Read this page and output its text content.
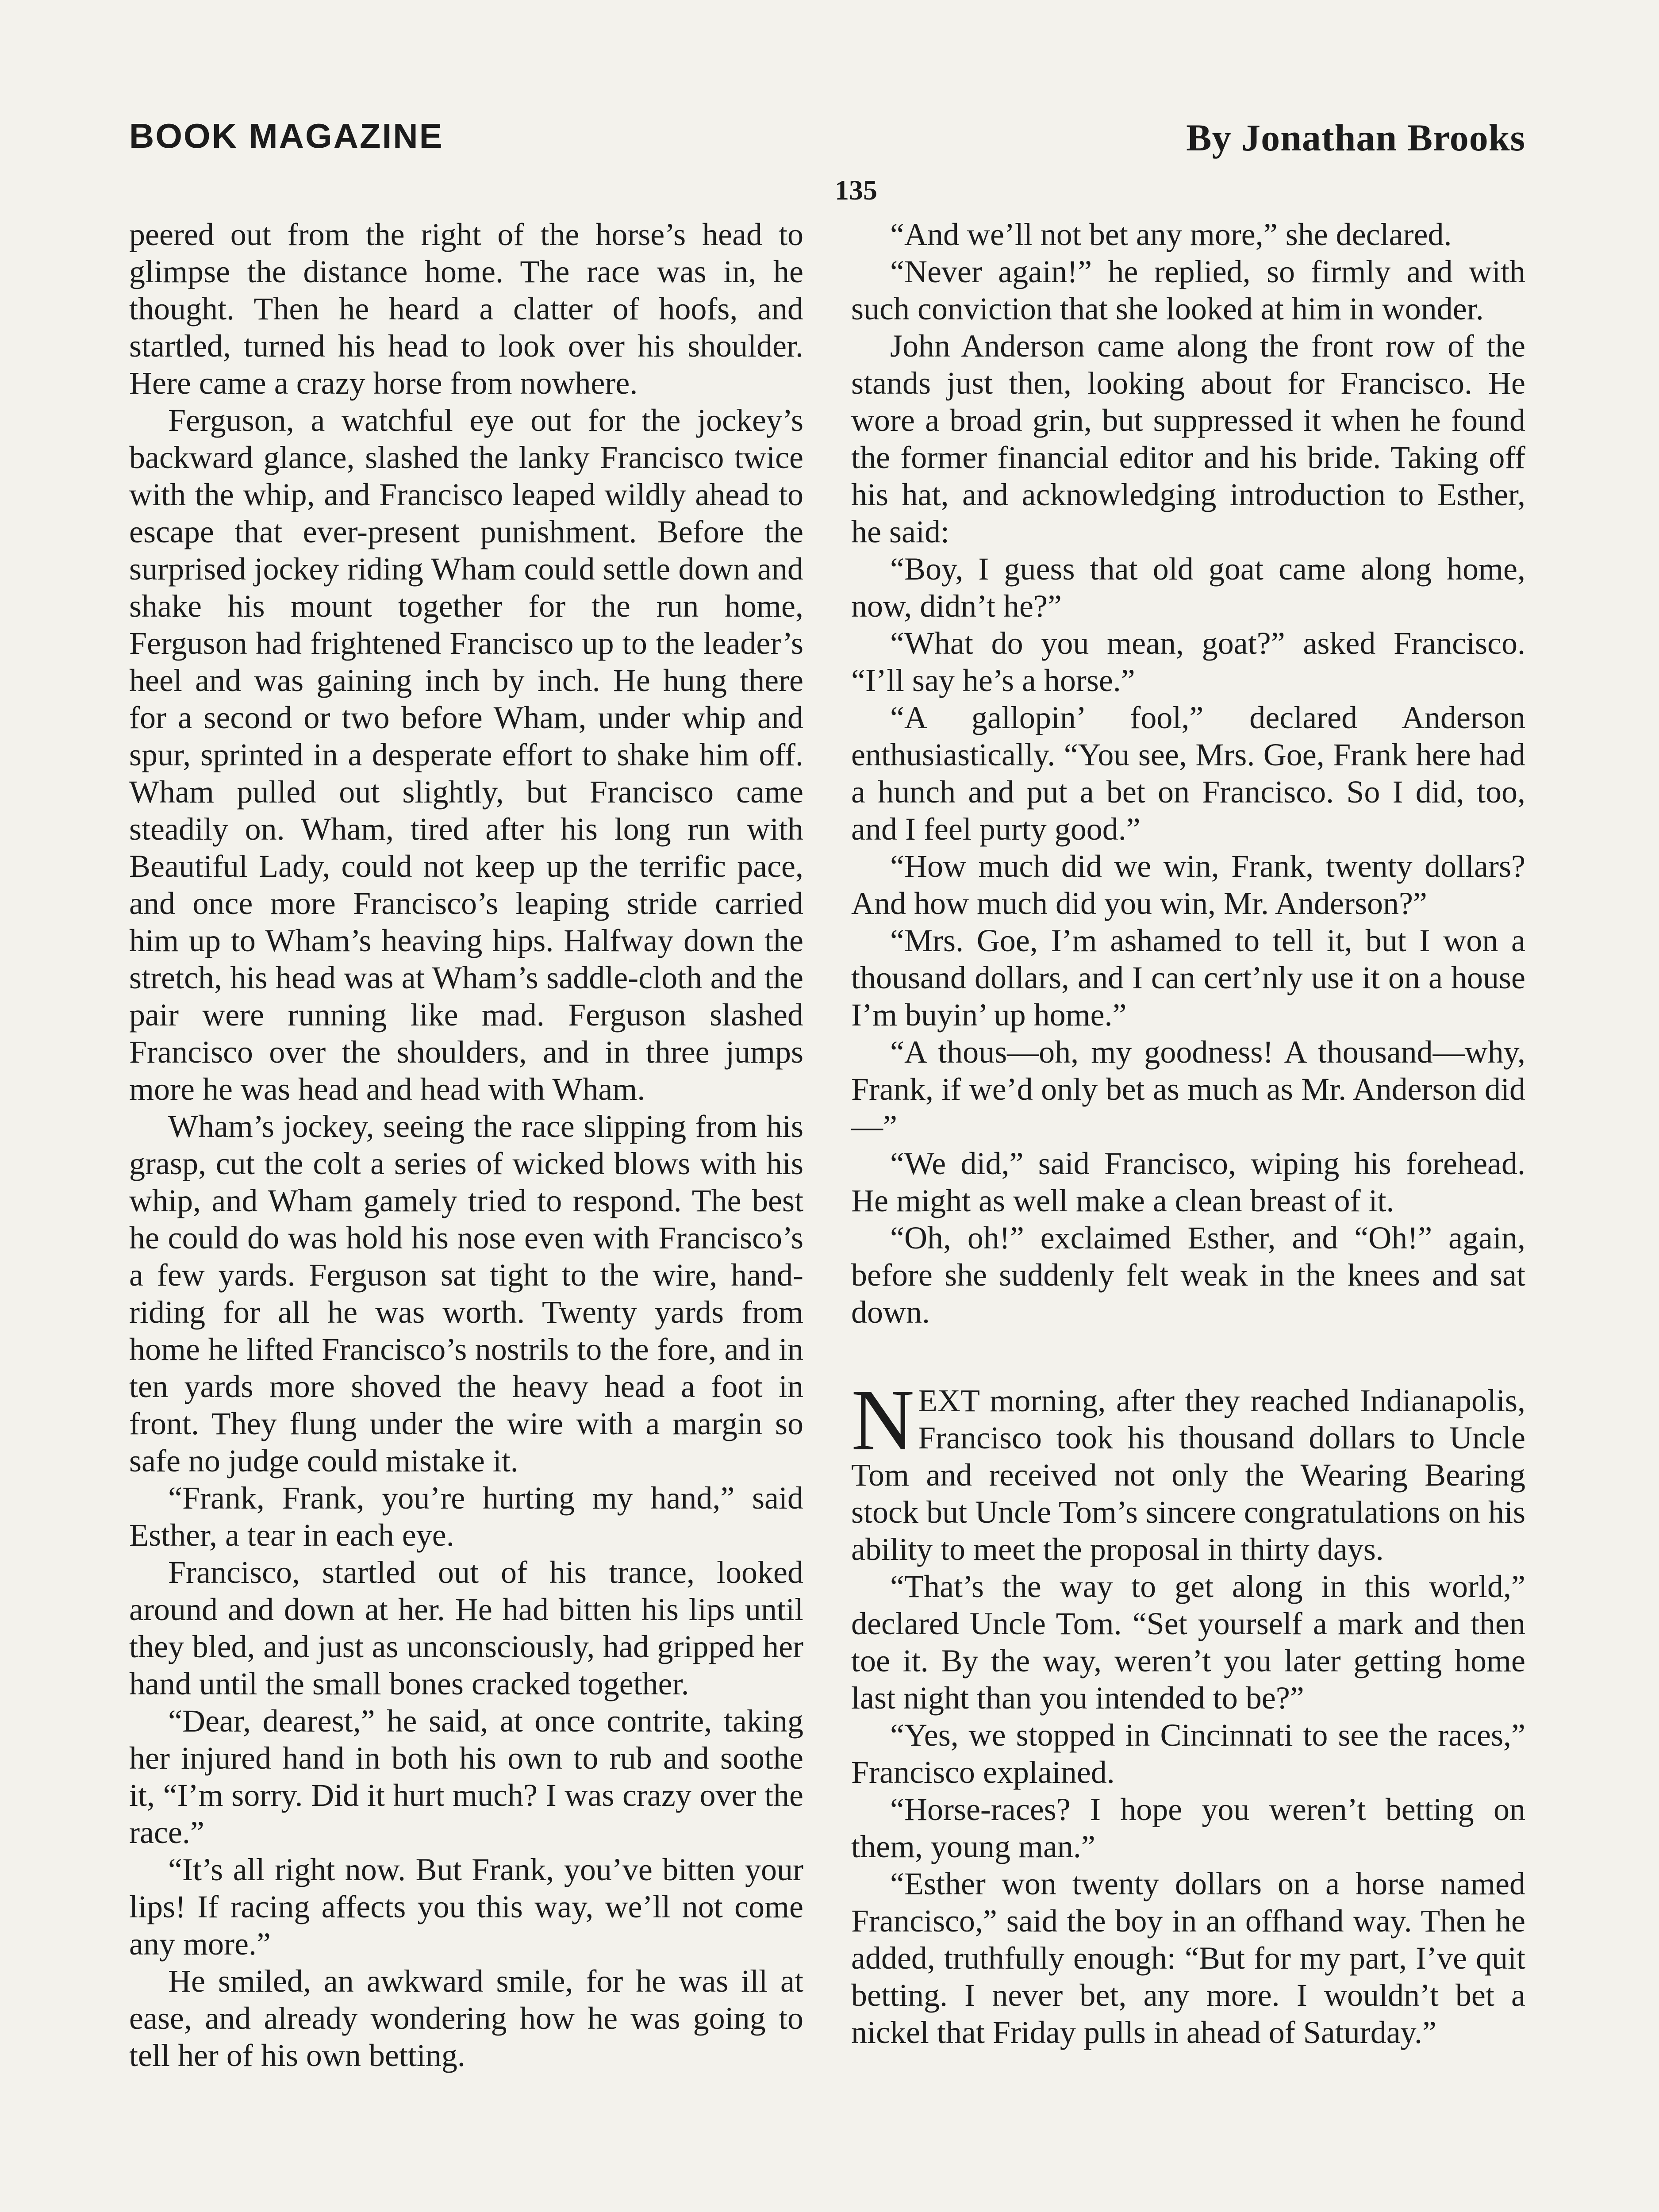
BOOK MAGAZINE	By Jonathan Brooks
135

peered out from the right of the horse’s head to glimpse the distance home. The race was in, he thought. Then he heard a clatter of hoofs, and startled, turned his head to look over his shoulder. Here came a crazy horse from nowhere.

Ferguson, a watchful eye out for the jockey’s backward glance, slashed the lanky Francisco twice with the whip, and Francisco leaped wildly ahead to escape that ever-present punishment. Before the surprised jockey riding Wham could settle down and shake his mount together for the run home, Ferguson had frightened Francisco up to the leader’s heel and was gaining inch by inch. He hung there for a second or two before Wham, under whip and spur, sprinted in a desperate effort to shake him off. Wham pulled out slightly, but Francisco came steadily on. Wham, tired after his long run with Beautiful Lady, could not keep up the terrific pace, and once more Francisco’s leaping stride carried him up to Wham’s heaving hips. Halfway down the stretch, his head was at Wham’s saddle-cloth and the pair were running like mad. Ferguson slashed Francisco over the shoulders, and in three jumps more he was head and head with Wham.

Wham’s jockey, seeing the race slipping from his grasp, cut the colt a series of wicked blows with his whip, and Wham gamely tried to respond. The best he could do was hold his nose even with Francisco’s a few yards. Ferguson sat tight to the wire, hand-riding for all he was worth. Twenty yards from home he lifted Francisco’s nostrils to the fore, and in ten yards more shoved the heavy head a foot in front. They flung under the wire with a margin so safe no judge could mistake it.

“Frank, Frank, you’re hurting my hand,” said Esther, a tear in each eye.

Francisco, startled out of his trance, looked around and down at her. He had bitten his lips until they bled, and just as unconsciously, had gripped her hand until the small bones cracked together.

“Dear, dearest,” he said, at once contrite, taking her injured hand in both his own to rub and soothe it, “I’m sorry. Did it hurt much? I was crazy over the race.”

“It’s all right now. But Frank, you’ve bitten your lips! If racing affects you this way, we’ll not come any more.”

He smiled, an awkward smile, for he was ill at ease, and already wondering how he was going to tell her of his own betting.

“And we’ll not bet any more,” she declared.

“Never again!” he replied, so firmly and with such conviction that she looked at him in wonder.

John Anderson came along the front row of the stands just then, looking about for Francisco. He wore a broad grin, but suppressed it when he found the former financial editor and his bride. Taking off his hat, and acknowledging introduction to Esther, he said:

“Boy, I guess that old goat came along home, now, didn’t he?”

“What do you mean, goat?” asked Francisco. “I’ll say he’s a horse.”

“A gallopin’ fool,” declared Anderson enthusiastically. “You see, Mrs. Goe, Frank here had a hunch and put a bet on Francisco. So I did, too, and I feel purty good.”

“How much did we win, Frank, twenty dollars? And how much did you win, Mr. Anderson?”

“Mrs. Goe, I’m ashamed to tell it, but I won a thousand dollars, and I can cert’nly use it on a house I’m buyin’ up home.”

“A thous—oh, my goodness! A thousand—why, Frank, if we’d only bet as much as Mr. Anderson did—”

“We did,” said Francisco, wiping his forehead. He might as well make a clean breast of it.

“Oh, oh!” exclaimed Esther, and “Oh!” again, before she suddenly felt weak in the knees and sat down.

NEXT morning, after they reached Indianapolis, Francisco took his thousand dollars to Uncle Tom and received not only the Wearing Bearing stock but Uncle Tom’s sincere congratulations on his ability to meet the proposal in thirty days.

“That’s the way to get along in this world,” declared Uncle Tom. “Set yourself a mark and then toe it. By the way, weren’t you later getting home last night than you intended to be?”

“Yes, we stopped in Cincinnati to see the races,” Francisco explained.

“Horse-races? I hope you weren’t betting on them, young man.”

“Esther won twenty dollars on a horse named Francisco,” said the boy in an offhand way. Then he added, truthfully enough: “But for my part, I’ve quit betting. I never bet, any more. I wouldn’t bet a nickel that Friday pulls in ahead of Saturday.”
